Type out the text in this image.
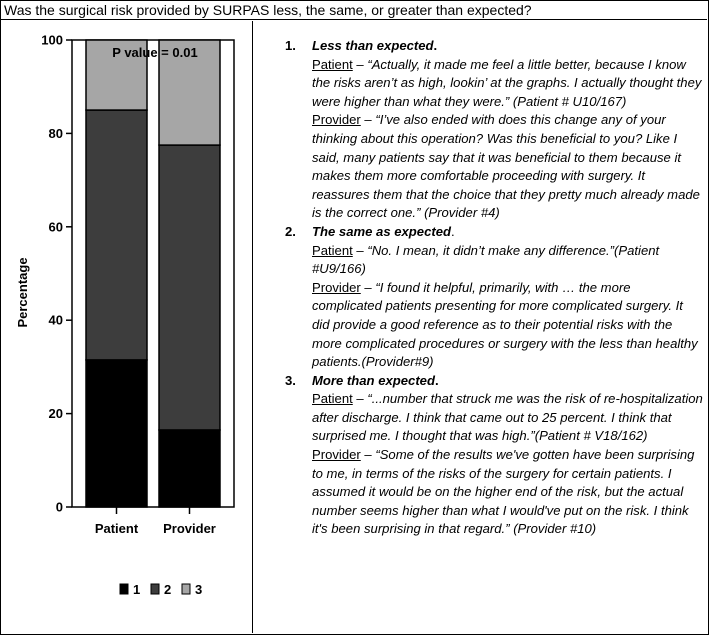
Was the surgical risk provided by SURPAS less, the same, or greater than expected?
0
20
40
60
80
100
Percentage
Patient Provider
P value = 0.01
1 2 3
1. Less than expected.
Patient – “Actually, it made me feel a little better, because I know the risks aren’t as high, lookin’ at the graphs. I actually thought they were higher than what they were.” (Patient # U10/167)
Provider – “I’ve also ended with does this change any of your thinking about this operation? Was this beneficial to you? Like I said, many patients say that it was beneficial to them because it makes them more comfortable proceeding with surgery. It reassures them that the choice that they pretty much already made is the correct one.” (Provider #4)
2. The same as expected.
Patient – “No. I mean, it didn’t make any difference.”(Patient #U9/166)
Provider – “I found it helpful, primarily, with … the more complicated patients presenting for more complicated surgery. It did provide a good reference as to their potential risks with the more complicated procedures or surgery with the less than healthy patients.(Provider#9)
3. More than expected.
Patient – “...number that struck me was the risk of re-hospitalization after discharge. I think that came out to 25 percent. I think that surprised me. I thought that was high.”(Patient # V18/162)
Provider – “Some of the results we've gotten have been surprising to me, in terms of the risks of the surgery for certain patients. I assumed it would be on the higher end of the risk, but the actual number seems higher than what I would've put on the risk. I think it's been surprising in that regard.” (Provider #10)
